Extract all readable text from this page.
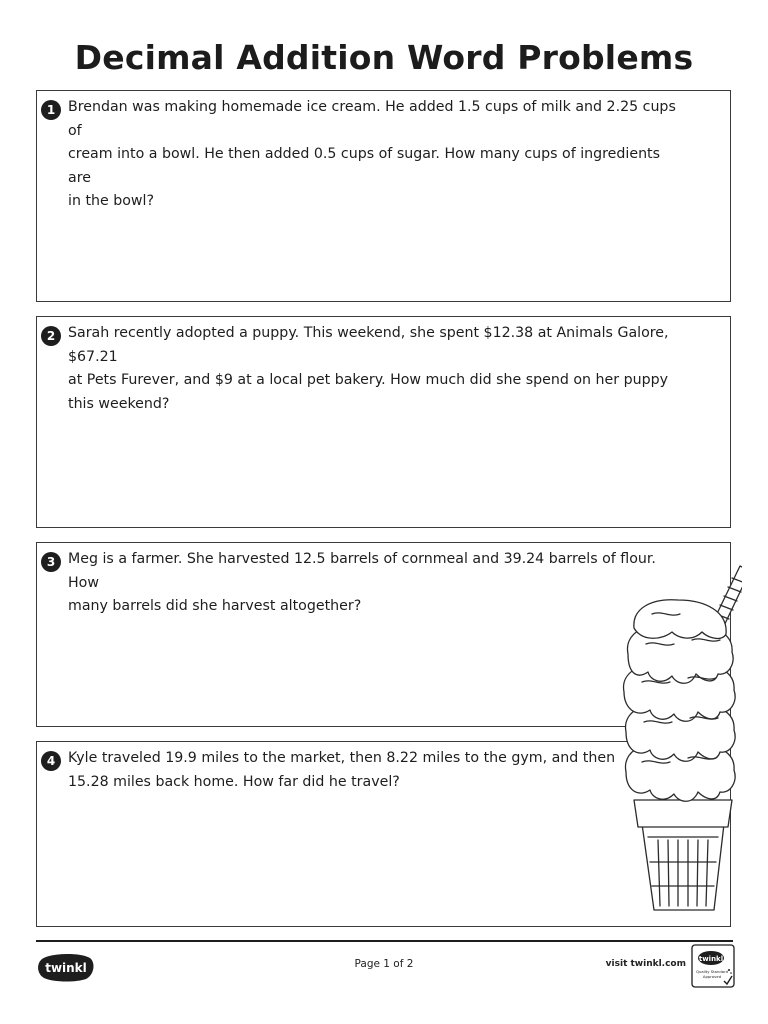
Decimal Addition Word Problems
1 Brendan was making homemade ice cream. He added 1.5 cups of milk and 2.25 cups of
cream into a bowl. He then added 0.5 cups of sugar. How many cups of ingredients are
in the bowl?

2 Sarah recently adopted a puppy. This weekend, she spent $12.38 at Animals Galore, $67.21
at Pets Furever, and $9 at a local pet bakery. How much did she spend on her puppy
this weekend?

3 Meg is a farmer. She harvested 12.5 barrels of cornmeal and 39.24 barrels of flour. How
many barrels did she harvest altogether?

4 Kyle traveled 19.9 miles to the market, then 8.22 miles to the gym, and then
15.28 miles back home. How far did he travel?

twinkl	Page 1 of 2	visit twinkl.com twinkl
Quality Standard
Approved
